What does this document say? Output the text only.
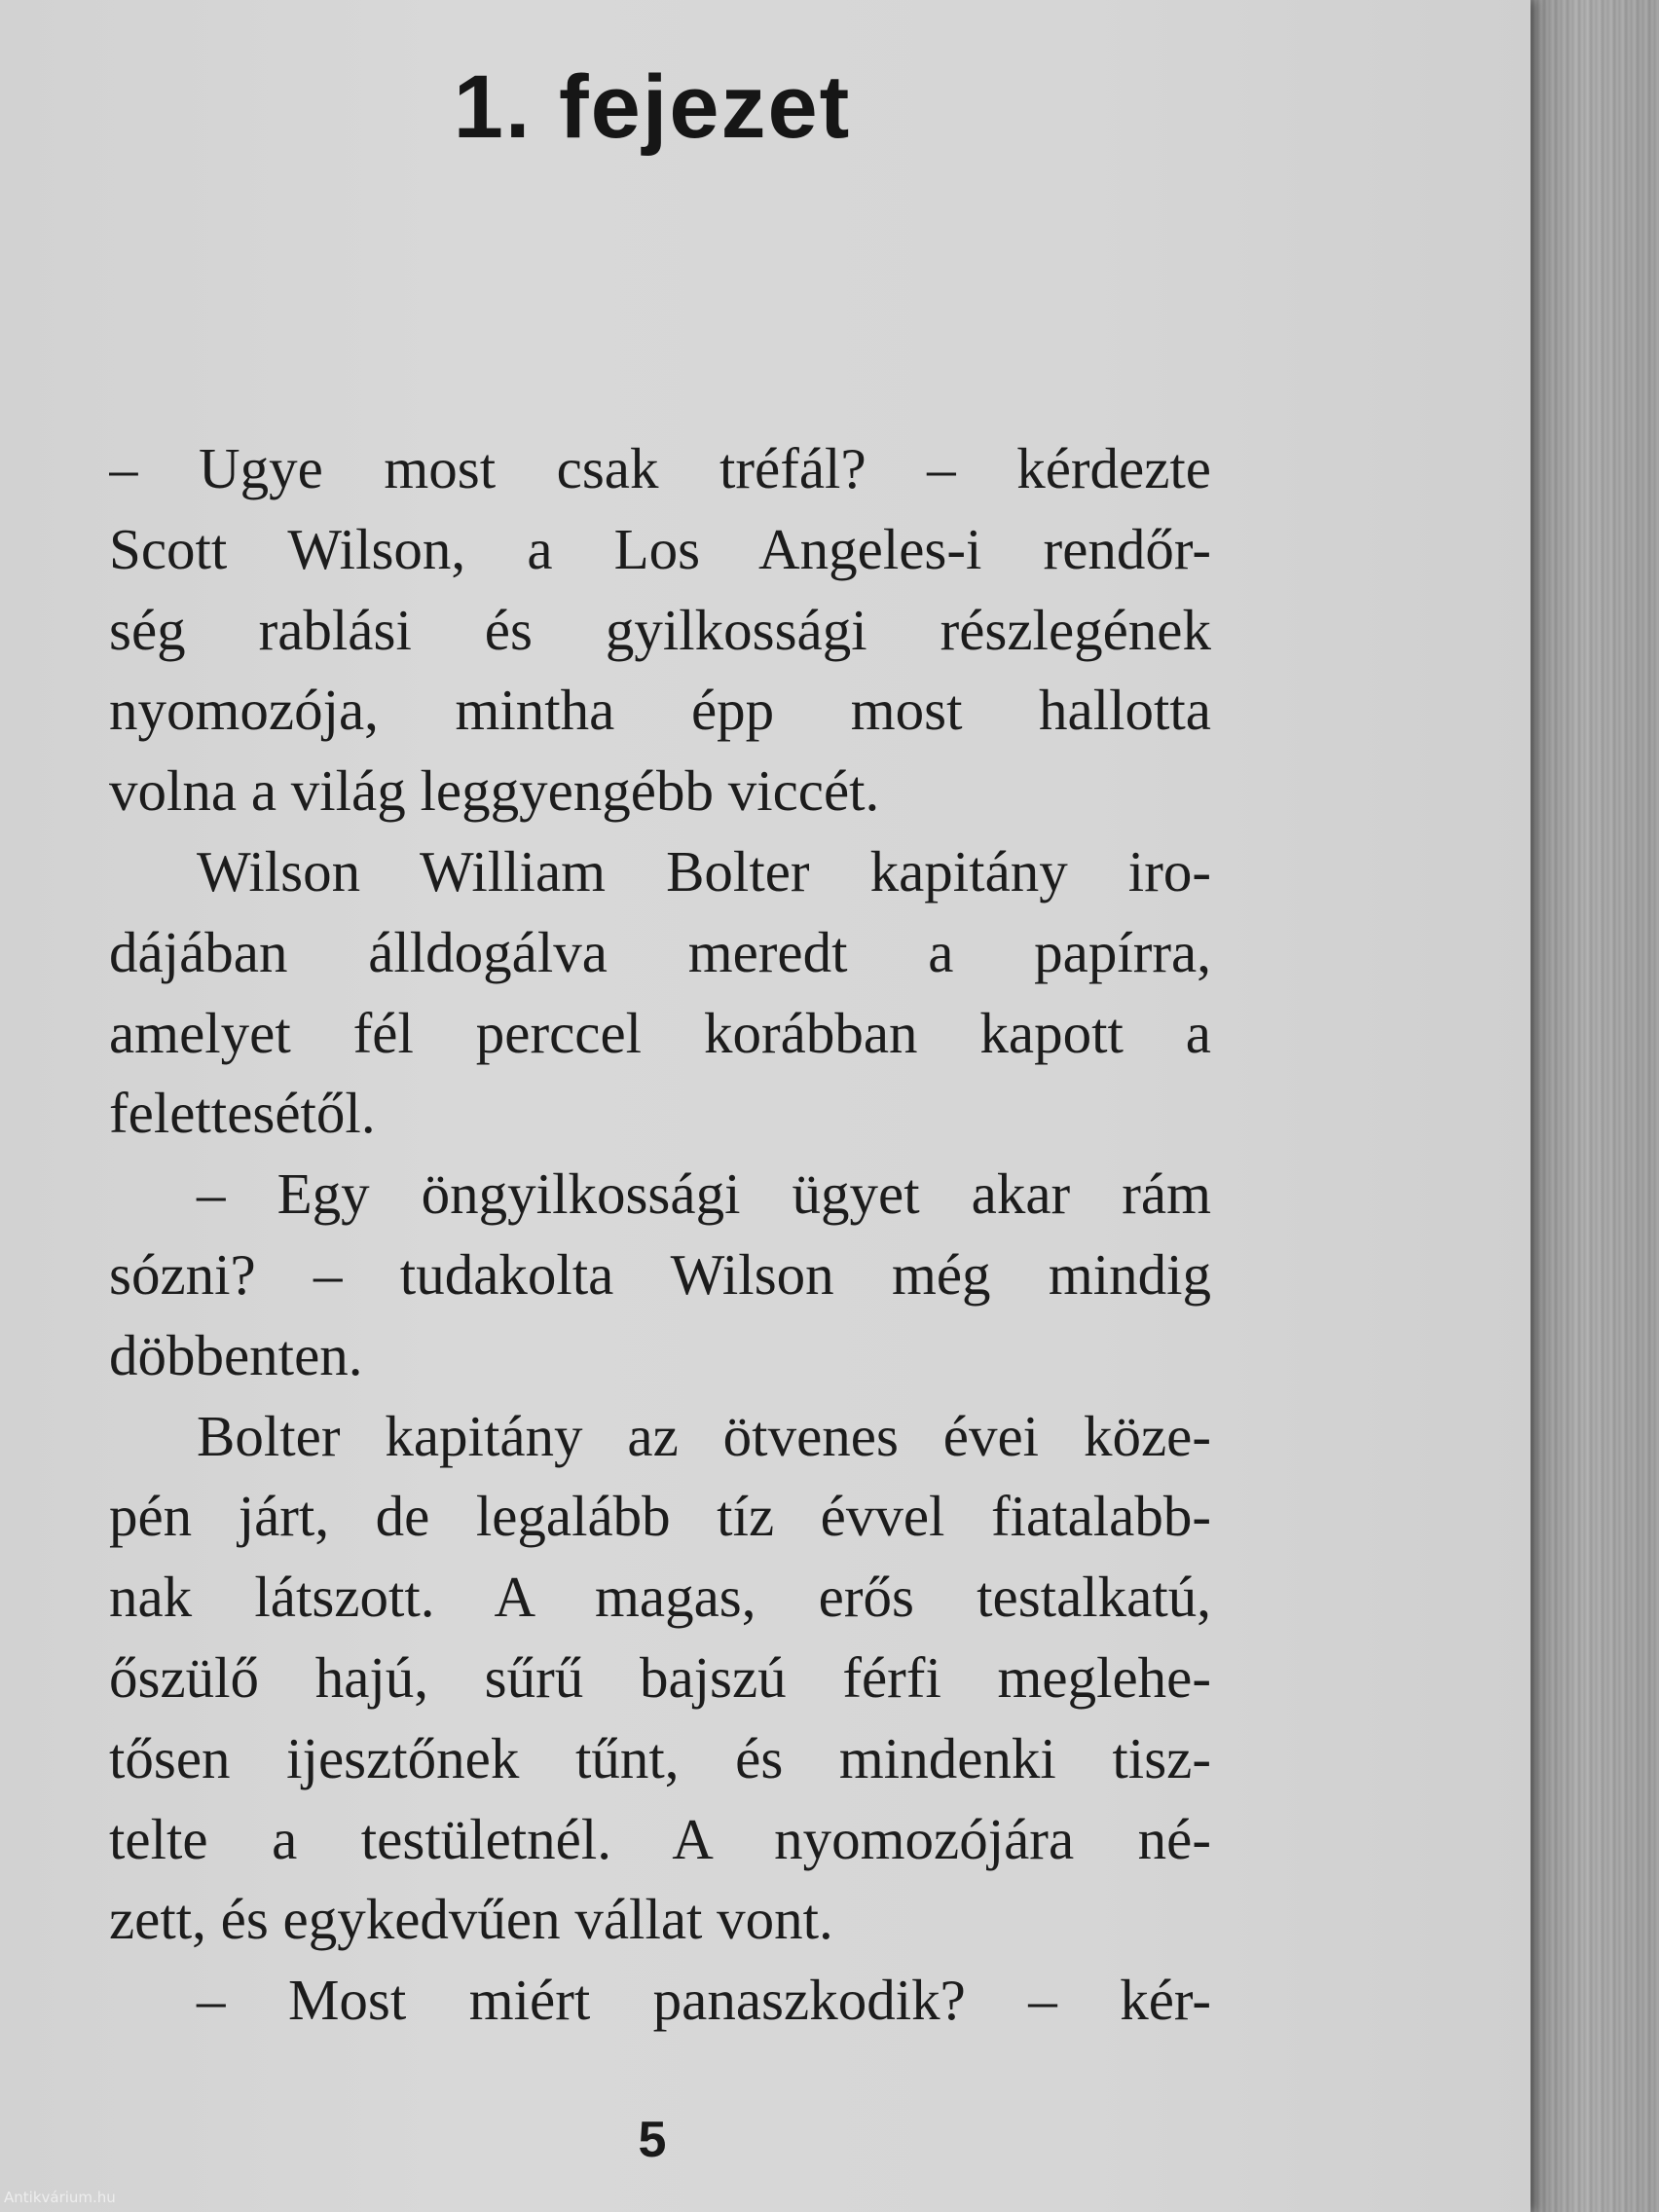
1. fejezet
– Ugye most csak tréfál? – kérdezte
Scott Wilson, a Los Angeles-i rendőr-
ség rablási és gyilkossági részlegének
nyomozója, mintha épp most hallotta
volna a világ leggyengébb viccét.
Wilson William Bolter kapitány iro-
dájában álldogálva meredt a papírra,
amelyet fél perccel korábban kapott a
felettesétől.
– Egy öngyilkossági ügyet akar rám
sózni? – tudakolta Wilson még mindig
döbbenten.
Bolter kapitány az ötvenes évei köze-
pén járt, de legalább tíz évvel fiatalabb-
nak látszott. A magas, erős testalkatú,
őszülő hajú, sűrű bajszú férfi meglehe-
tősen ijesztőnek tűnt, és mindenki tisz-
telte a testületnél. A nyomozójára né-
zett, és egykedvűen vállat vont.
– Most miért panaszkodik? – kér-
5
Antikvárium.hu
